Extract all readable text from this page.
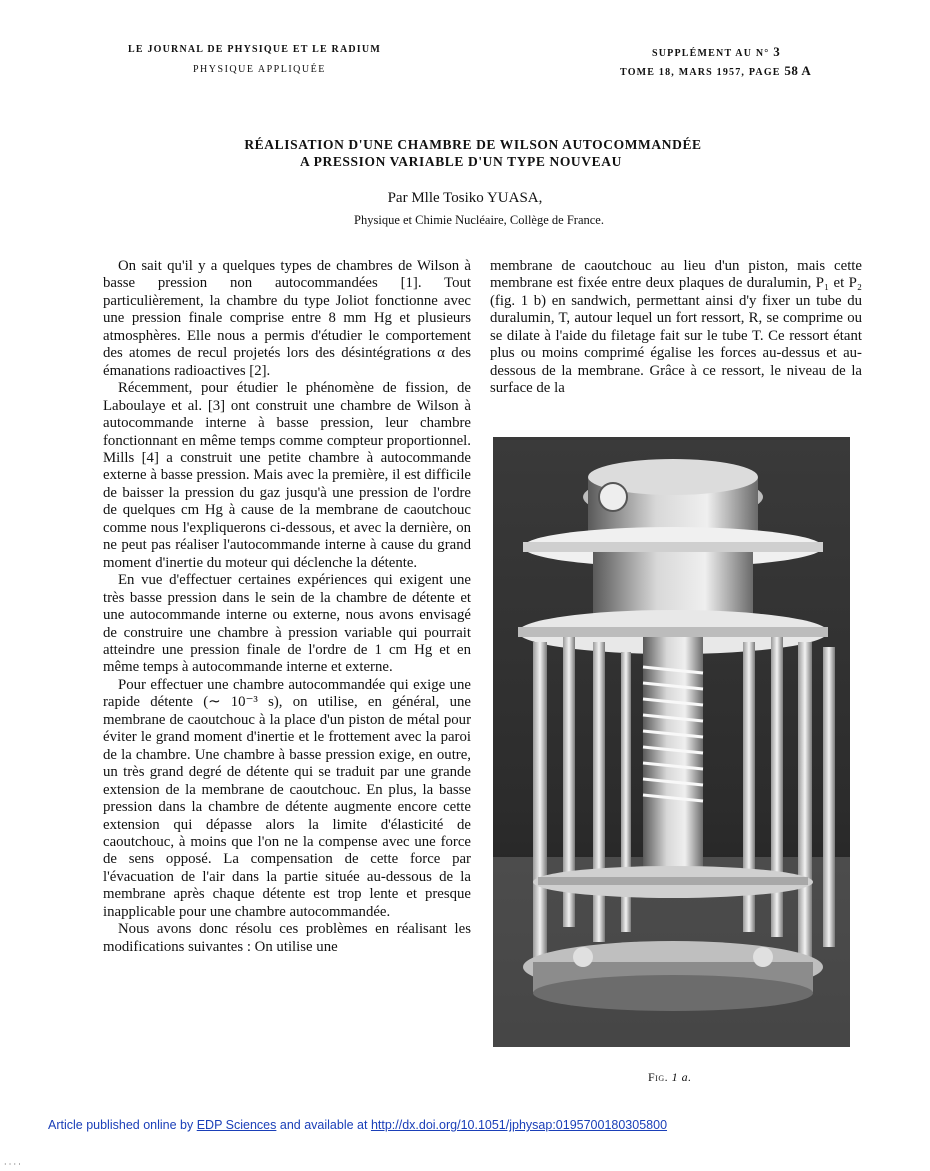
LE JOURNAL DE PHYSIQUE ET LE RADIUM
PHYSIQUE APPLIQUÉE
SUPPLÉMENT AU N° 3
TOME 18, MARS 1957, PAGE 58 A
RÉALISATION D'UNE CHAMBRE DE WILSON AUTOCOMMANDÉE
A PRESSION VARIABLE D'UN TYPE NOUVEAU
Par Mlle Tosiko YUASA,
Physique et Chimie Nucléaire, Collège de France.

On sait qu'il y a quelques types de chambres de Wilson à basse pression non autocommandées [1]. Tout particulièrement, la chambre du type Joliot fonctionne avec une pression finale comprise entre 8 mm Hg et plusieurs atmosphères. Elle nous a permis d'étudier le comportement des atomes de recul projetés lors des désintégrations α des émanations radioactives [2].

Récemment, pour étudier le phénomène de fission, de Laboulaye et al. [3] ont construit une chambre de Wilson à autocommande interne à basse pression, leur chambre fonctionnant en même temps comme compteur proportionnel. Mills [4] a construit une petite chambre à autocommande externe à basse pression. Mais avec la première, il est difficile de baisser la pression du gaz jusqu'à une pression de l'ordre de quelques cm Hg à cause de la membrane de caoutchouc comme nous l'expliquerons ci-dessous, et avec la dernière, on ne peut pas réaliser l'autocommande interne à cause du grand moment d'inertie du moteur qui déclenche la détente.

En vue d'effectuer certaines expériences qui exigent une très basse pression dans le sein de la chambre de détente et une autocommande interne ou externe, nous avons envisagé de construire une chambre à pression variable qui pourrait atteindre une pression finale de l'ordre de 1 cm Hg et en même temps à autocommande interne et externe.

Pour effectuer une chambre autocommandée qui exige une rapide détente (∼ 10⁻³ s), on utilise, en général, une membrane de caoutchouc à la place d'un piston de métal pour éviter le grand moment d'inertie et le frottement avec la paroi de la chambre. Une chambre à basse pression exige, en outre, un très grand degré de détente qui se traduit par une grande extension de la membrane de caoutchouc. En plus, la basse pression dans la chambre de détente augmente encore cette extension qui dépasse alors la limite d'élasticité de caoutchouc, à moins que l'on ne la compense avec une force de sens opposé. La compensation de cette force par l'évacuation de l'air dans la partie située au-dessous de la membrane après chaque détente est trop lente et presque inapplicable pour une chambre autocommandée.

Nous avons donc résolu ces problèmes en réalisant les modifications suivantes : On utilise une

membrane de caoutchouc au lieu d'un piston, mais cette membrane est fixée entre deux plaques de duralumin, P₁ et P₂ (fig. 1 b) en sandwich, permettant ainsi d'y fixer un tube du duralumin, T, autour lequel un fort ressort, R, se comprime ou se dilate à l'aide du filetage fait sur le tube T. Ce ressort étant plus ou moins comprimé égalise les forces au-dessus et au-dessous de la membrane. Grâce à ce ressort, le niveau de la surface de la

Fig. 1 a.
Article published online by EDP Sciences and available at http://dx.doi.org/10.1051/jphysap:0195700180305800
⋅ ⋅ ⋅ ⋅
